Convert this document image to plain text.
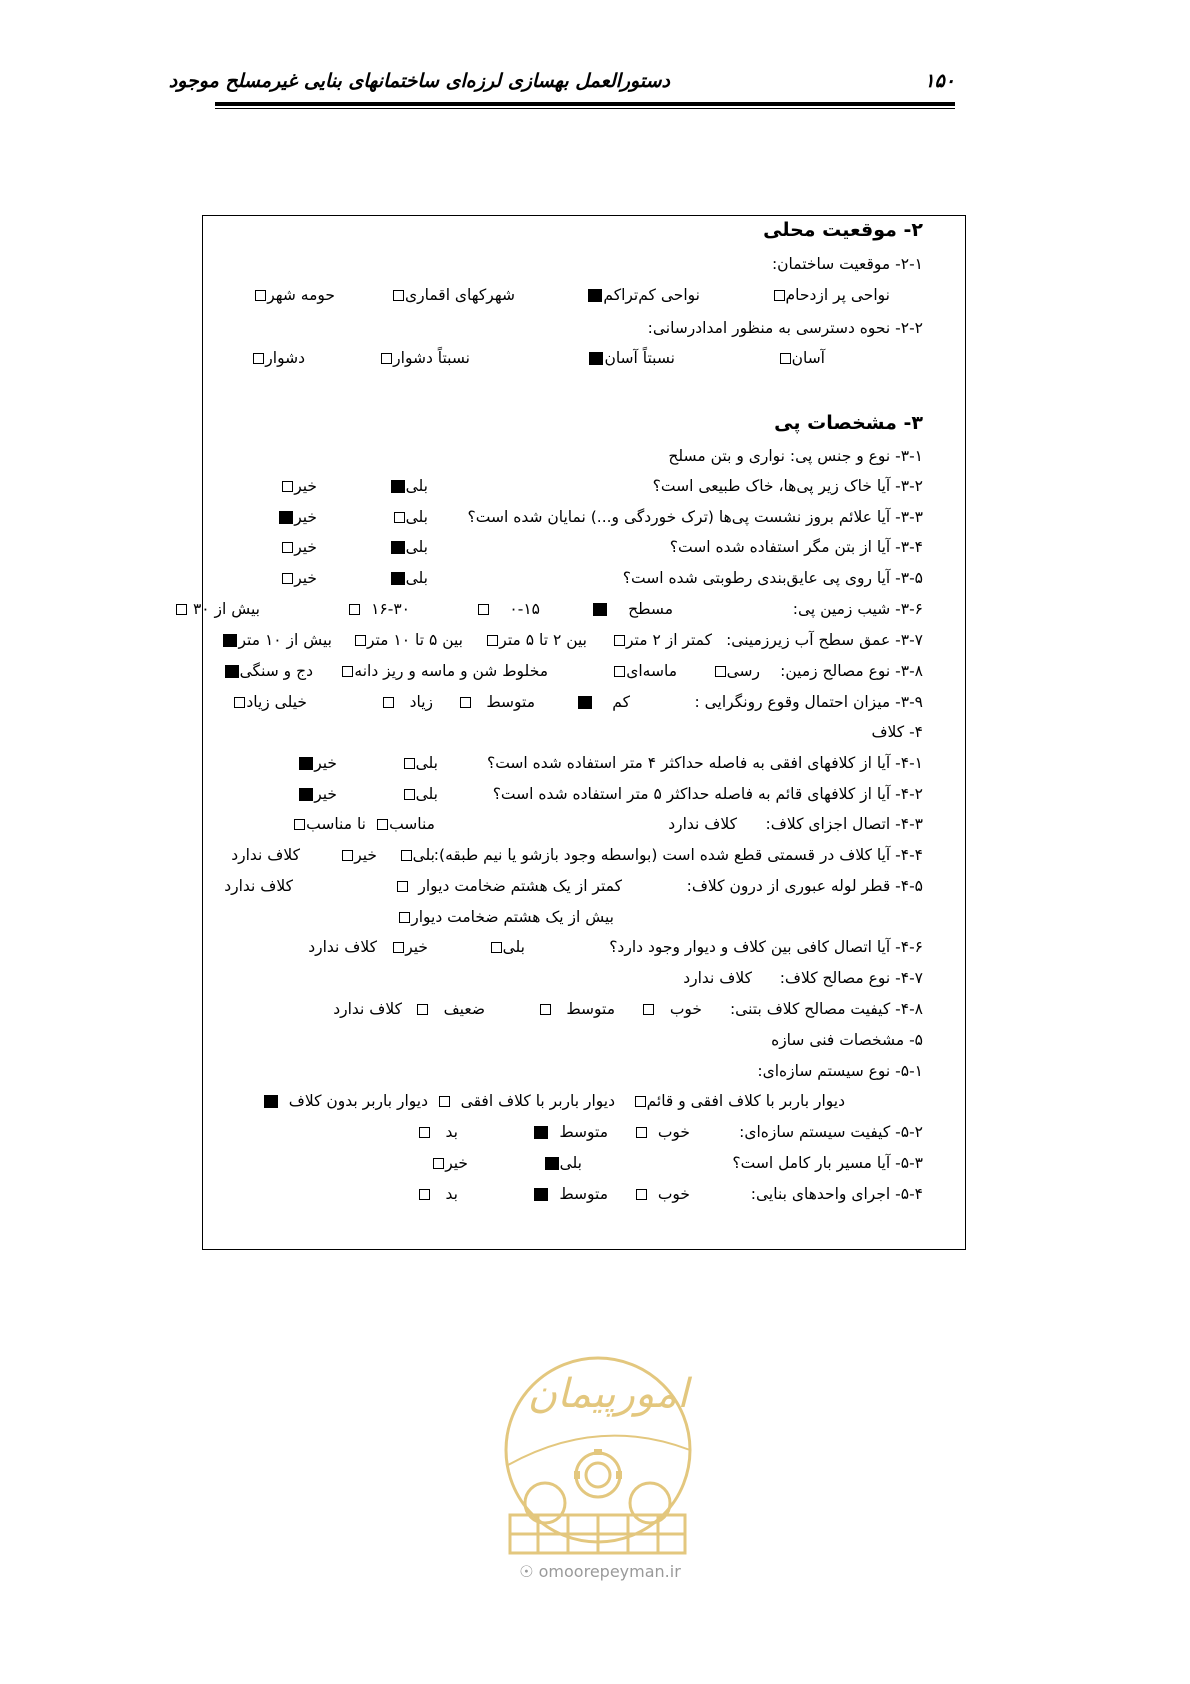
دستورالعمل بهسازی لرزه‌ای ساختمانهای بنایی غیرمسلح موجود	۱۵۰
۲- موقعیت محلی
۲-۱- موقعیت ساختمان:
نواحی پر ازدحام
نواحی کم‌تراکم
شهرکهای اقماری
حومه شهر
۲-۲- نحوه دسترسی به منظور امدادرسانی:
آسان
نسبتاً آسان
نسبتاً دشوار
دشوار
۳- مشخصات پی
۳-۱- نوع و جنس پی: نواری و بتن مسلح
۳-۲- آیا خاک زیر پی‌ها، خاک طبیعی است؟
بلی
خیر
۳-۳- آیا علائم بروز نشست پی‌ها (ترک خوردگی و...) نمایان شده است؟
بلی
خیر
۳-۴- آیا از بتن مگر استفاده شده است؟
بلی
خیر
۳-۵- آیا روی پی عایق‌بندی رطوبتی شده است؟
بلی
خیر
۳-۶- شیب زمین پی:
مسطح
۰-۱۵
۱۶-۳۰
بیش از ۳۰
۳-۷- عمق سطح آب زیرزمینی:
کمتر از ۲ متر
بین ۲ تا ۵ متر
بین ۵ تا ۱۰ متر
بیش از ۱۰ متر
۳-۸- نوع مصالح زمین:
رسی
ماسه‌ای
مخلوط شن و ماسه و ریز دانه
دج و سنگی
۳-۹- میزان احتمال وقوع رونگرایی :
کم
متوسط
زیاد
خیلی زیاد
۴- کلاف
۴-۱- آیا از کلافهای افقی به فاصله حداکثر ۴ متر استفاده شده است؟
بلی
خیر
۴-۲- آیا از کلافهای قائم به فاصله حداکثر ۵ متر استفاده شده است؟
بلی
خیر
۴-۳- اتصال اجزای کلاف:
کلاف ندارد
مناسب
نا مناسب
۴-۴- آیا کلاف در قسمتی قطع شده است (بواسطه وجود بازشو یا نیم طبقه):
بلی
خیر
کلاف ندارد
۴-۵- قطر لوله عبوری از درون کلاف:
کمتر از یک هشتم ضخامت دیوار
کلاف ندارد
بیش از یک هشتم ضخامت دیوار
۴-۶- آیا اتصال کافی بین کلاف و دیوار وجود دارد؟
بلی
خیر
کلاف ندارد
۴-۷- نوع مصالح کلاف:
کلاف ندارد
۴-۸- کیفیت مصالح کلاف بتنی:
خوب
متوسط
ضعیف
کلاف ندارد
۵- مشخصات فنی سازه
۵-۱- نوع سیستم سازه‌ای:
دیوار باربر با کلاف افقی و قائم
دیوار باربر با کلاف افقی
دیوار باربر بدون کلاف
۵-۲- کیفیت سیستم سازه‌ای:
خوب
متوسط
بد
۵-۳- آیا مسیر بار کامل است؟
بلی
خیر
۵-۴- اجرای واحدهای بنایی:
خوب
متوسط
بد
امورپیمان
☉ omoorepeyman.ir
